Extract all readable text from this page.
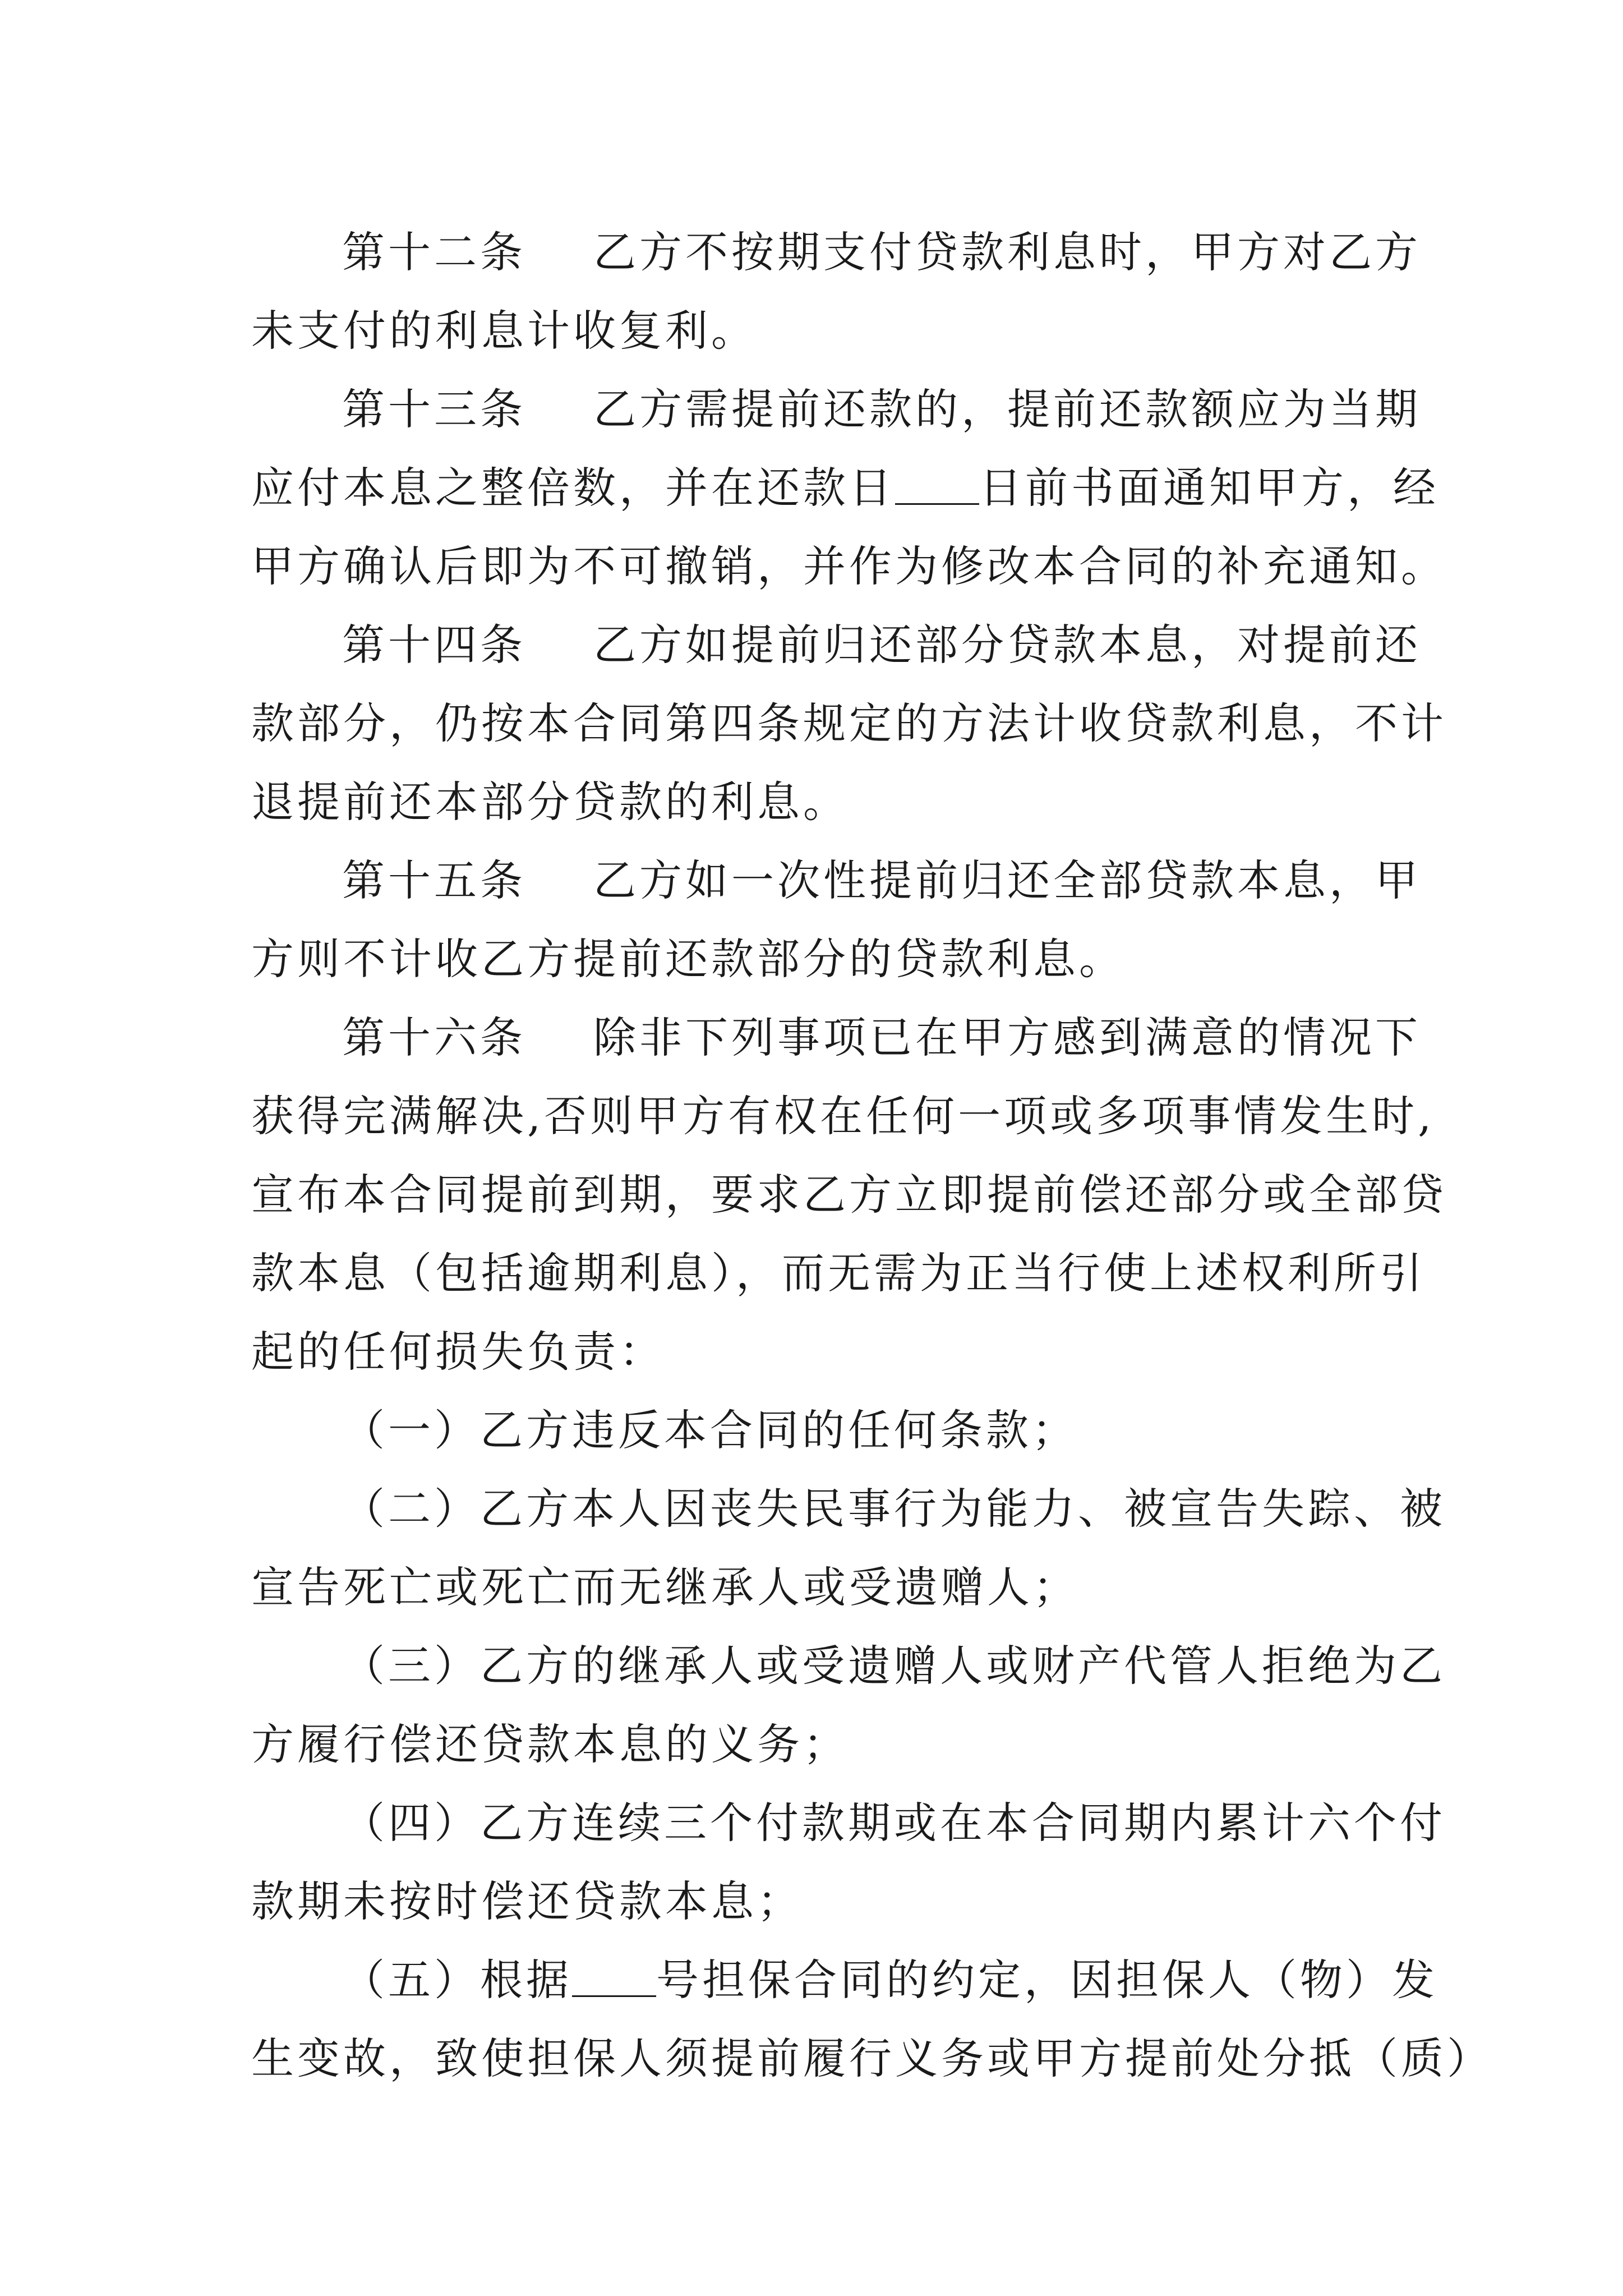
第十二条 乙方不按期支付贷款利息时，甲方对乙方
未支付的利息计收复利。
第十三条 乙方需提前还款的，提前还款额应为当期
应付本息之整倍数，并在还款日 日前书面通知甲方，经
甲方确认后即为不可撤销，并作为修改本合同的补充通知。
第十四条 乙方如提前归还部分贷款本息，对提前还
款部分，仍按本合同第四条规定的方法计收贷款利息，不计
退提前还本部分贷款的利息。
第十五条 乙方如一次性提前归还全部贷款本息，甲
方则不计收乙方提前还款部分的贷款利息。
第十六条 除非下列事项已在甲方感到满意的情况下
获得完满解决,否则甲方有权在任何一项或多项事情发生时,
宣布本合同提前到期，要求乙方立即提前偿还部分或全部贷
款本息（包括逾期利息），而无需为正当行使上述权利所引
起的任何损失负责：
（一）乙方违反本合同的任何条款；
（二）乙方本人因丧失民事行为能力、被宣告失踪、被
宣告死亡或死亡而无继承人或受遗赠人；
（三）乙方的继承人或受遗赠人或财产代管人拒绝为乙
方履行偿还贷款本息的义务；
（四）乙方连续三个付款期或在本合同期内累计六个付
款期未按时偿还贷款本息；
（五）根据 号担保合同的约定，因担保人（物）发
生变故，致使担保人须提前履行义务或甲方提前处分抵（质）
